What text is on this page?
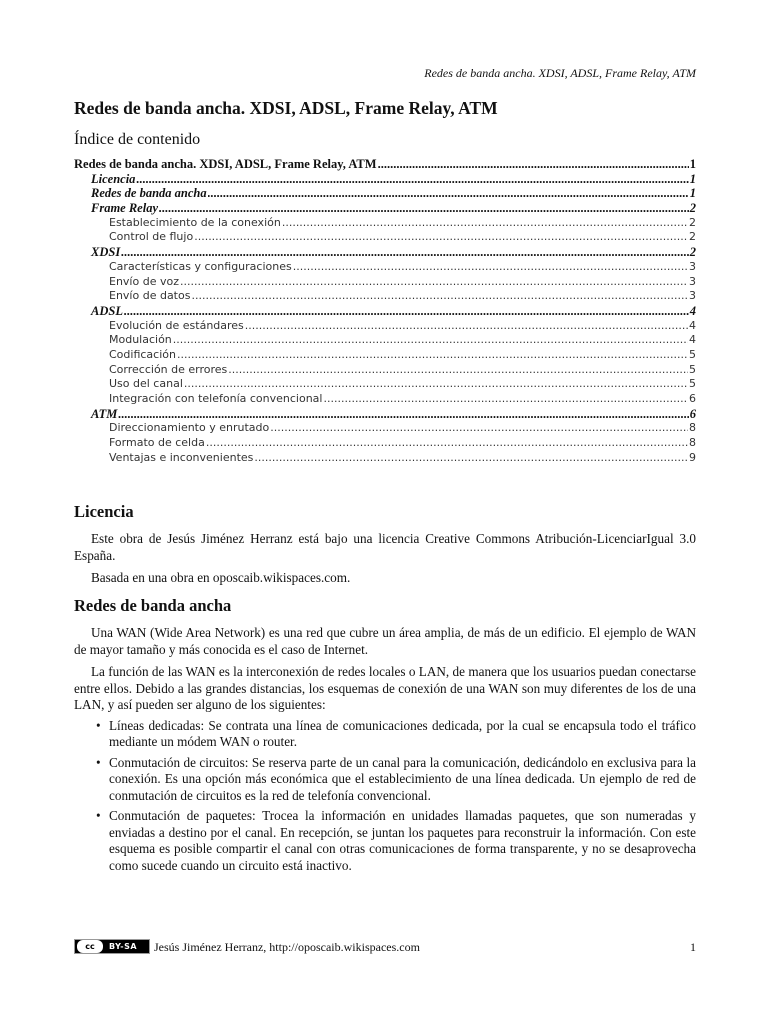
Redes de banda ancha. XDSI, ADSL, Frame Relay, ATM
Redes de banda ancha. XDSI, ADSL, Frame Relay, ATM
Índice de contenido
Redes de banda ancha. XDSI, ADSL, Frame Relay, ATM .....	1
Licencia .....	1
Redes de banda ancha .....	1
Frame Relay .....	2
Establecimiento de la conexión .....	2
Control de flujo .....	2
XDSI .....	2
Características y configuraciones .....	3
Envío de voz .....	3
Envío de datos .....	3
ADSL .....	4
Evolución de estándares .....	4
Modulación .....	4
Codificación .....	5
Corrección de errores .....	5
Uso del canal .....	5
Integración con telefonía convencional .....	6
ATM .....	6
Direccionamiento y enrutado .....	8
Formato de celda .....	8
Ventajas e inconvenientes .....	9
Licencia

Este obra de Jesús Jiménez Herranz está bajo una licencia Creative Commons Atribución-LicenciarIgual 3.0 España.

Basada en una obra en oposcaib.wikispaces.com.

Redes de banda ancha

Una WAN (Wide Area Network) es una red que cubre un área amplia, de más de un edificio. El ejemplo de WAN de mayor tamaño y más conocida es el caso de Internet.

La función de las WAN es la interconexión de redes locales o LAN, de manera que los usuarios puedan conectarse entre ellos. Debido a las grandes distancias, los esquemas de conexión de una WAN son muy diferentes de los de una LAN, y así pueden ser alguno de los siguientes:

• Líneas dedicadas: Se contrata una línea de comunicaciones dedicada, por la cual se encapsula todo el tráfico mediante un módem WAN o router.
• Conmutación de circuitos: Se reserva parte de un canal para la comunicación, dedicándolo en exclusiva para la conexión. Es una opción más económica que el establecimiento de una línea dedicada. Un ejemplo de red de conmutación de circuitos es la red de telefonía convencional.
• Conmutación de paquetes: Trocea la información en unidades llamadas paquetes, que son numeradas y enviadas a destino por el canal. En recepción, se juntan los paquetes para reconstruir la información. Con este esquema es posible compartir el canal con otras comunicaciones de forma transparente, y no se desaprovecha como sucede cuando un circuito está inactivo.
cc	BY-SA Jesús Jiménez Herranz, http://oposcaib.wikispaces.com	1
